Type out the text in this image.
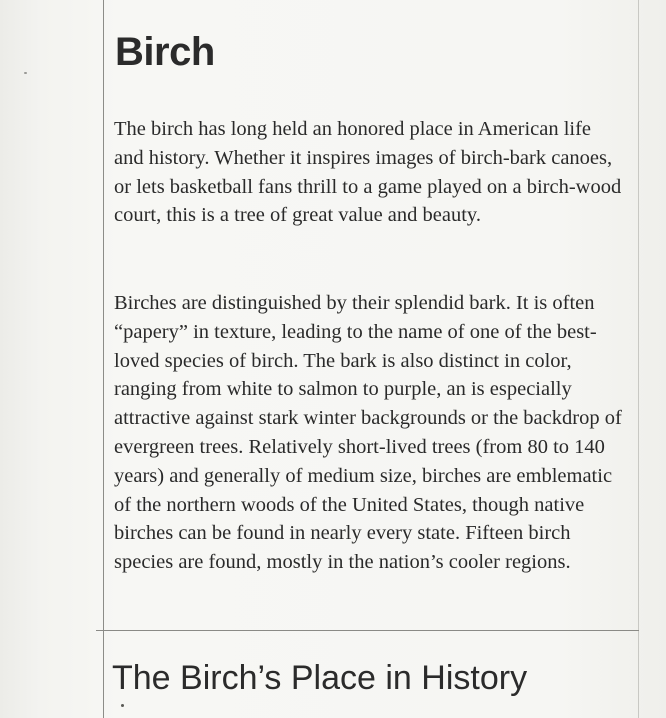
Birch

The birch has long held an honored place in American life and history. Whether it inspires images of birch-bark canoes, or lets basketball fans thrill to a game played on a birch-wood court, this is a tree of great value and beauty.

Birches are distinguished by their splendid bark. It is often “papery” in texture, leading to the name of one of the best-loved species of birch. The bark is also distinct in color, ranging from white to salmon to purple, an is especially attractive against stark winter backgrounds or the backdrop of evergreen trees. Relatively short-lived trees (from 80 to 140 years) and generally of medium size, birches are emblematic of the northern woods of the United States, though native birches can be found in nearly every state. Fifteen birch species are found, mostly in the nation’s cooler regions.

The Birch’s Place in History
